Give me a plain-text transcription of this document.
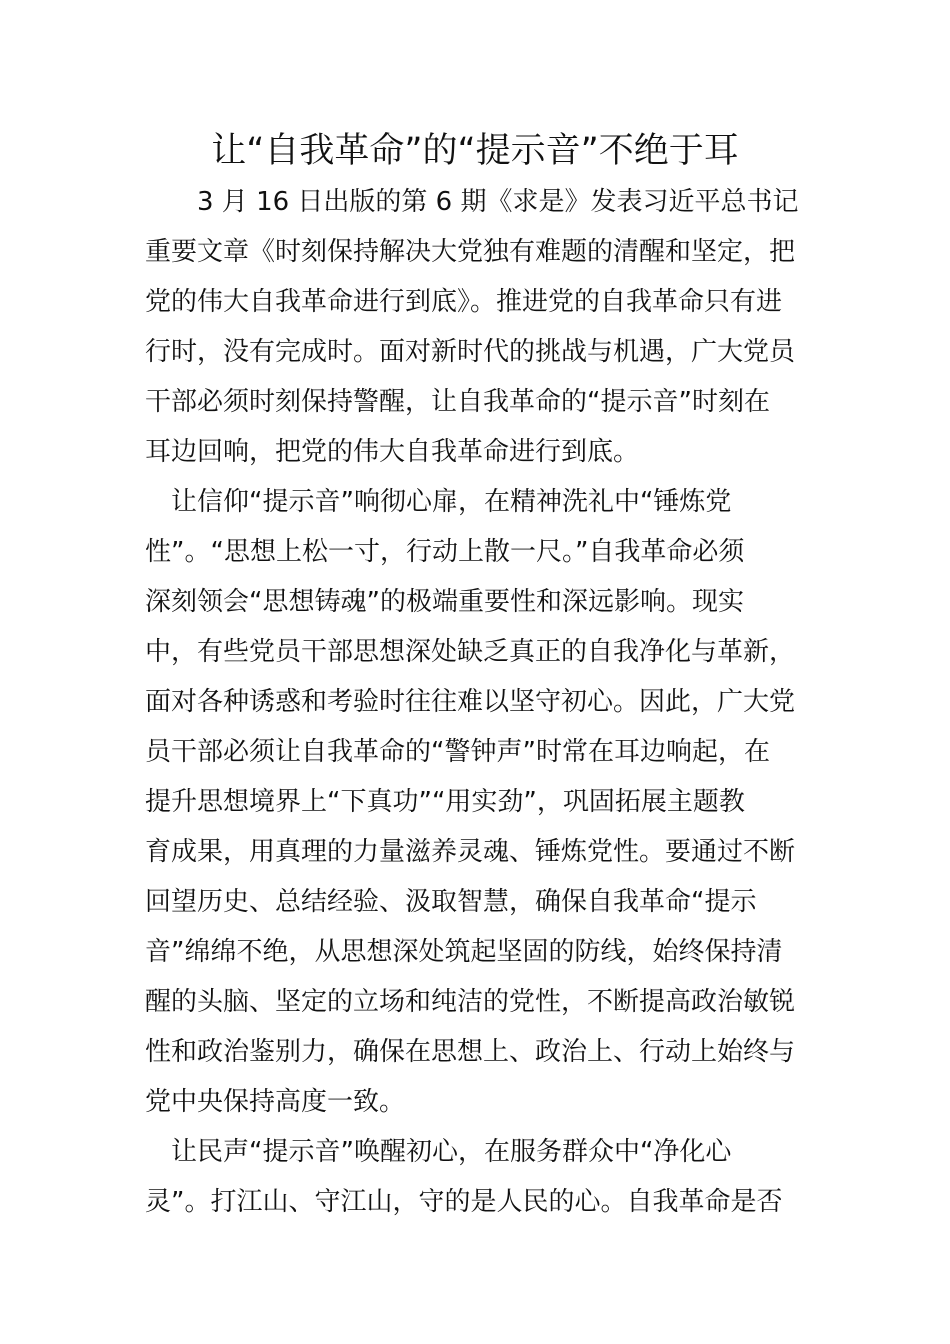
让“自我革命”的“提示音”不绝于耳
　　3 月 16 日出版的第 6 期《求是》发表习近平总书记
重要文章《时刻保持解决大党独有难题的清醒和坚定，把
党的伟大自我革命进行到底》。推进党的自我革命只有进
行时，没有完成时。面对新时代的挑战与机遇，广大党员
干部必须时刻保持警醒，让自我革命的“提示音”时刻在
耳边回响，把党的伟大自我革命进行到底。
　让信仰“提示音”响彻心扉，在精神洗礼中“锤炼党
性”。“思想上松一寸，行动上散一尺。”自我革命必须
深刻领会“思想铸魂”的极端重要性和深远影响。现实
中，有些党员干部思想深处缺乏真正的自我净化与革新，
面对各种诱惑和考验时往往难以坚守初心。因此，广大党
员干部必须让自我革命的“警钟声”时常在耳边响起，在
提升思想境界上“下真功”“用实劲”，巩固拓展主题教
育成果，用真理的力量滋养灵魂、锤炼党性。要通过不断
回望历史、总结经验、汲取智慧，确保自我革命“提示
音”绵绵不绝，从思想深处筑起坚固的防线，始终保持清
醒的头脑、坚定的立场和纯洁的党性，不断提高政治敏锐
性和政治鉴别力，确保在思想上、政治上、行动上始终与
党中央保持高度一致。
　让民声“提示音”唤醒初心，在服务群众中“净化心
灵”。打江山、守江山，守的是人民的心。自我革命是否
